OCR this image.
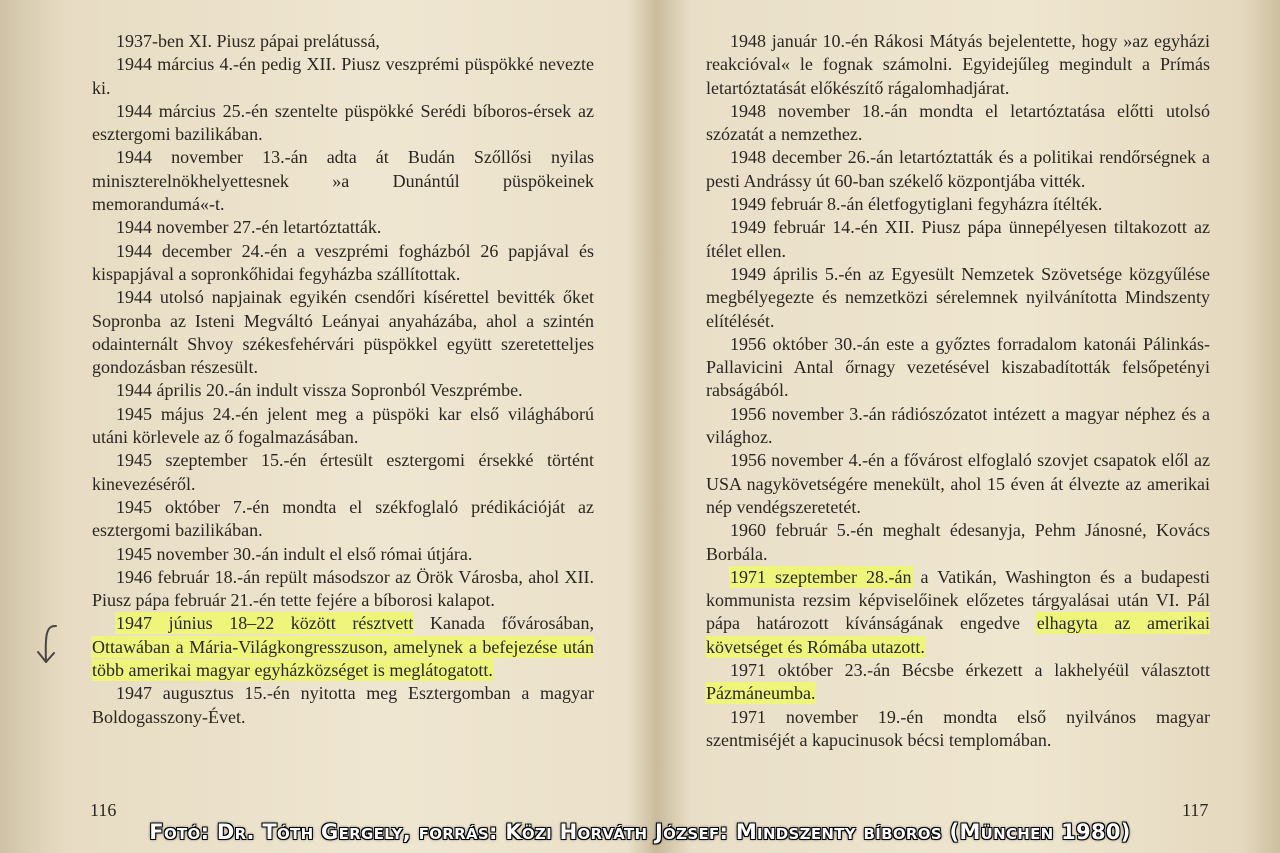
1937-ben XI. Piusz pápai prelátussá,

1944 március 4.-én pedig XII. Piusz veszprémi püspökké nevezte ki.

1944 március 25.-én szentelte püspökké Serédi bíboros-érsek az esztergomi bazilikában.

1944 november 13.-án adta át Budán Szőllősi nyilas miniszterelnökhelyettesnek »a Dunántúl püspökeinek memorandumá«-t.

1944 november 27.-én letartóztatták.

1944 december 24.-én a veszprémi fogházból 26 papjával és kispapjával a sopronkőhidai fegyházba szállítottak.

1944 utolsó napjainak egyikén csendőri kísérettel bevitték őket Sopronba az Isteni Megváltó Leányai anyaházába, ahol a szintén odainternált Shvoy székesfehérvári püspökkel együtt szeretetteljes gondozásban részesült.

1944 április 20.-án indult vissza Sopronból Veszprémbe.

1945 május 24.-én jelent meg a püspöki kar első világháború utáni körlevele az ő fogalmazásában.

1945 szeptember 15.-én értesült esztergomi érsekké történt kinevezéséről.

1945 október 7.-én mondta el székfoglaló prédikációját az esztergomi bazilikában.

1945 november 30.-án indult el első római útjára.

1946 február 18.-án repült másodszor az Örök Városba, ahol XII. Piusz pápa február 21.-én tette fejére a bíborosi kalapot.

1947 június 18–22 között résztvett Kanada fővárosában, Ottawában a Mária-Világkongresszuson, amelynek a befejezése után több amerikai magyar egyházközséget is meglátogatott.

1947 augusztus 15.-én nyitotta meg Esztergomban a magyar Boldogasszony-Évet.

1948 január 10.-én Rákosi Mátyás bejelentette, hogy »az egyházi reakcióval« le fognak számolni. Egyidejűleg megindult a Prímás letartóztatását előkészítő rágalomhadjárat.

1948 november 18.-án mondta el letartóztatása előtti utolsó szózatát a nemzethez.

1948 december 26.-án letartóztatták és a politikai rendőrségnek a pesti Andrássy út 60-ban székelő központjába vitték.

1949 február 8.-án életfogytiglani fegyházra ítélték.

1949 február 14.-én XII. Piusz pápa ünnepélyesen tiltakozott az ítélet ellen.

1949 április 5.-én az Egyesült Nemzetek Szövetsége közgyűlése megbélyegezte és nemzetközi sérelemnek nyilvánította Mindszenty elítélését.

1956 október 30.-án este a győztes forradalom katonái Pálinkás-Pallavicini Antal őrnagy vezetésével kiszabadították felsőpetényi rabságából.

1956 november 3.-án rádiószózatot intézett a magyar néphez és a világhoz.

1956 november 4.-én a fővárost elfoglaló szovjet csapatok elől az USA nagykövetségére menekült, ahol 15 éven át élvezte az amerikai nép vendégszeretetét.

1960 február 5.-én meghalt édesanyja, Pehm Jánosné, Kovács Borbála.

1971 szeptember 28.-án a Vatikán, Washington és a budapesti kommunista rezsim képviselőinek előzetes tárgyalásai után VI. Pál pápa határozott kívánságának engedve elhagyta az amerikai követséget és Rómába utazott.

1971 október 23.-án Bécsbe érkezett a lakhelyéül választott Pázmáneumba.

1971 november 19.-én mondta első nyilvános magyar szentmiséjét a kapucinusok bécsi templomában.

116	117
Fotó: Dr. Tóth Gergely, forrás: Közi Horváth József: Mindszenty bíboros (München 1980)
